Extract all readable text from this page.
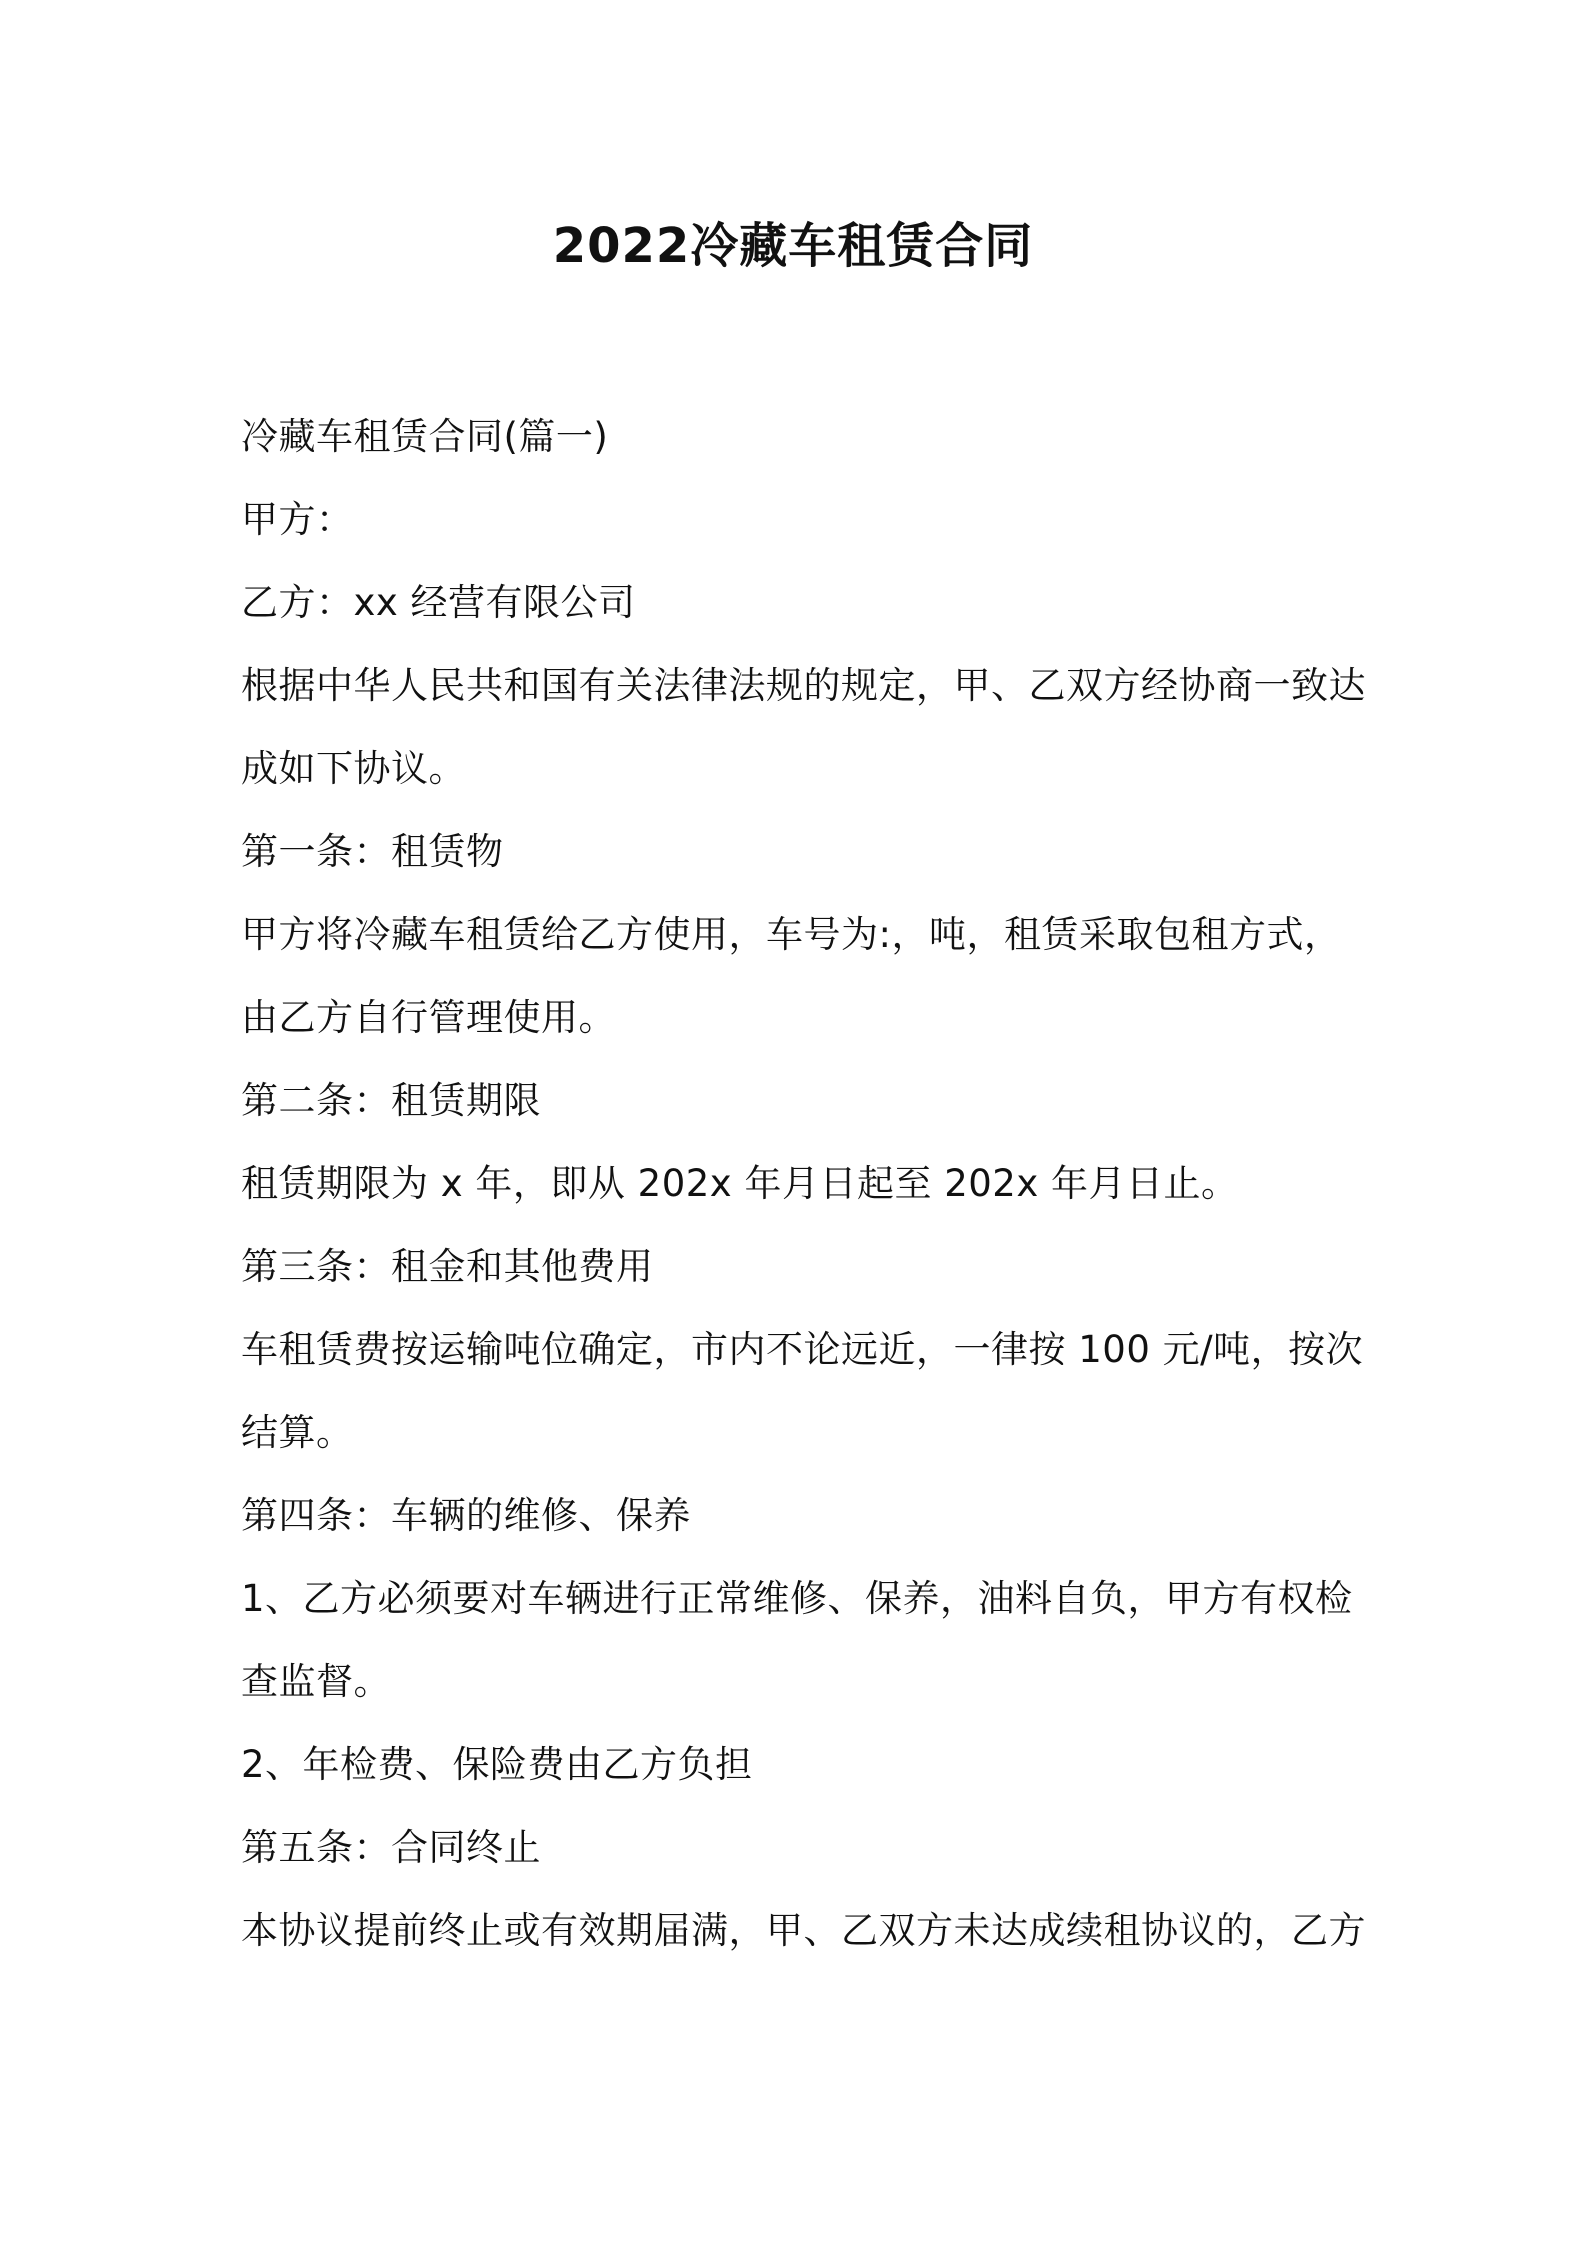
2022冷藏车租赁合同
冷藏车租赁合同(篇一)
甲方：
乙方：xx 经营有限公司
根据中华人民共和国有关法律法规的规定，甲、乙双方经协商一致达
成如下协议。
第一条：租赁物
甲方将冷藏车租赁给乙方使用，车号为:，吨，租赁采取包租方式，
由乙方自行管理使用。
第二条：租赁期限
租赁期限为 x 年，即从 202x 年月日起至 202x 年月日止。
第三条：租金和其他费用
车租赁费按运输吨位确定，市内不论远近，一律按 100 元/吨，按次
结算。
第四条：车辆的维修、保养
1、乙方必须要对车辆进行正常维修、保养，油料自负，甲方有权检
查监督。
2、年检费、保险费由乙方负担
第五条：合同终止
本协议提前终止或有效期届满，甲、乙双方未达成续租协议的，乙方
